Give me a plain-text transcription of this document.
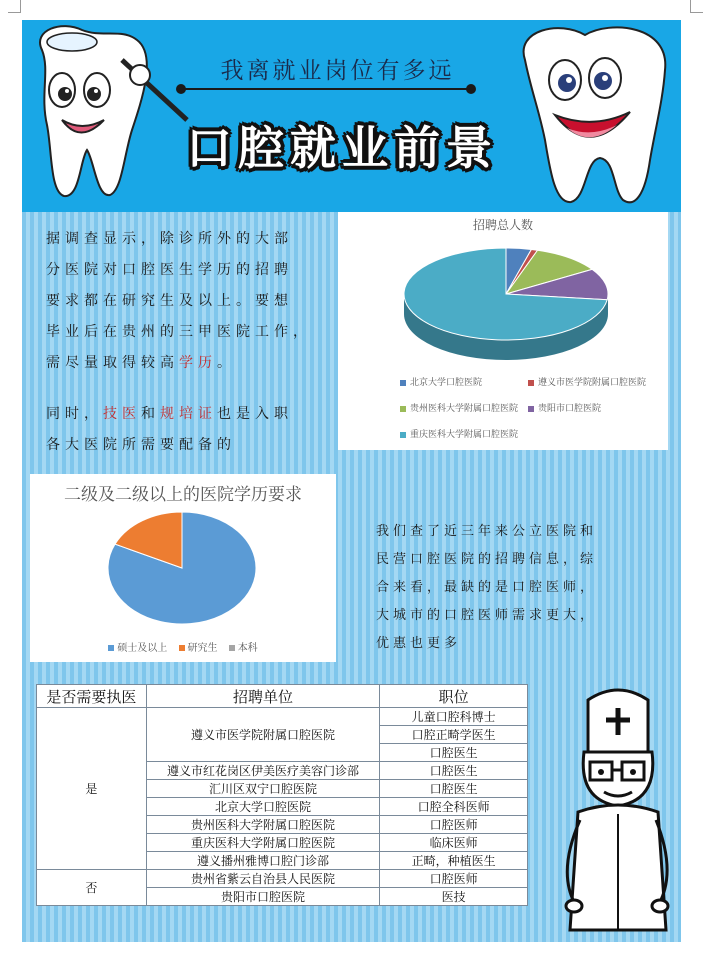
我离就业岗位有多远
口腔就业前景
据调查显示，除诊所外的大部
分医院对口腔医生学历的招聘
要求都在研究生及以上。要想
毕业后在贵州的三甲医院工作，
需尽量取得较高学历。
同时，技医和规培证也是入职
各大医院所需要配备的
招聘总人数
北京大学口腔医院	遵义市医学院附属口腔医院
贵州医科大学附属口腔医院	贵阳市口腔医院
重庆医科大学附属口腔医院
二级及二级以上的医院学历要求
硕士及以上 研究生 本科
我们查了近三年来公立医院和
民营口腔医院的招聘信息，综
合来看，最缺的是口腔医师，
大城市的口腔医师需求更大，
优惠也更多
是否需要执医	招聘单位	职位
是	遵义市医学院附属口腔医院	儿童口腔科博士
		口腔正畸学医生
		口腔医生
	遵义市红花岗区伊美医疗美容门诊部	口腔医生
	汇川区双宁口腔医院	口腔医生
	北京大学口腔医院	口腔全科医师
	贵州医科大学附属口腔医院	口腔医师
	重庆医科大学附属口腔医院	临床医师
	遵义播州雅博口腔门诊部	正畸，种植医生
否	贵州省紫云自治县人民医院	口腔医师
	贵阳市口腔医院	医技
